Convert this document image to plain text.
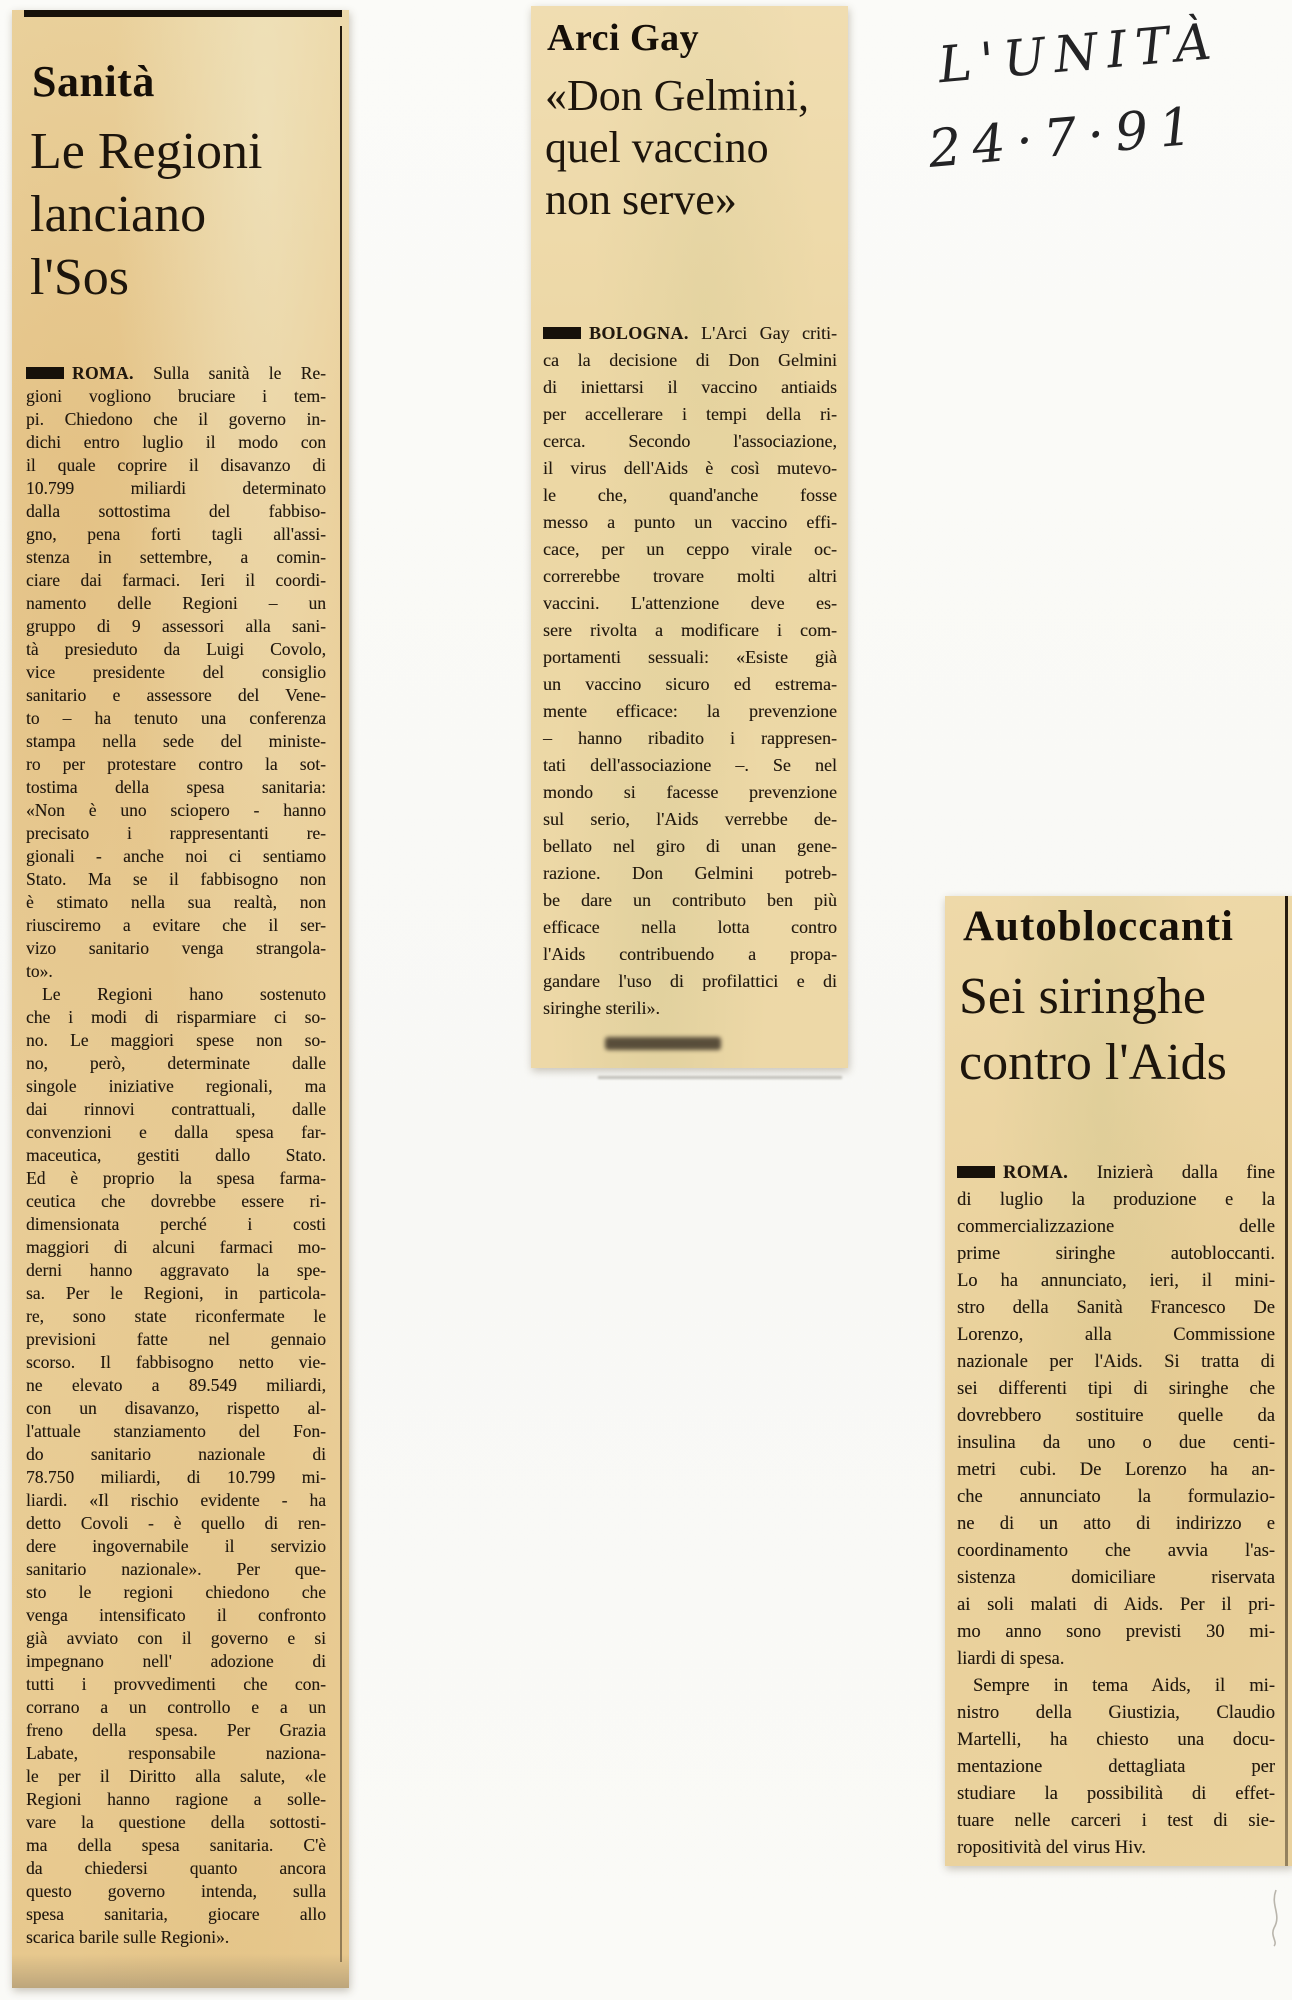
Sanità
Le Regioni
lanciano
l'Sos
ROMA. Sulla sanità le Re-
gioni vogliono bruciare i tem-
pi. Chiedono che il governo in-
dichi entro luglio il modo con
il quale coprire il disavanzo di
10.799 miliardi determinato
dalla sottostima del fabbiso-
gno, pena forti tagli all'assi-
stenza in settembre, a comin-
ciare dai farmaci. Ieri il coordi-
namento delle Regioni – un
gruppo di 9 assessori alla sani-
tà presieduto da Luigi Covolo,
vice presidente del consiglio
sanitario e assessore del Vene-
to – ha tenuto una conferenza
stampa nella sede del ministe-
ro per protestare contro la sot-
tostima della spesa sanitaria:
«Non è uno sciopero - hanno
precisato i rappresentanti re-
gionali - anche noi ci sentiamo
Stato. Ma se il fabbisogno non
è stimato nella sua realtà, non
riusciremo a evitare che il ser-
vizo sanitario venga strangola-
to».
Le Regioni hano sostenuto
che i modi di risparmiare ci so-
no. Le maggiori spese non so-
no, però, determinate dalle
singole iniziative regionali, ma
dai rinnovi contrattuali, dalle
convenzioni e dalla spesa far-
maceutica, gestiti dallo Stato.
Ed è proprio la spesa farma-
ceutica che dovrebbe essere ri-
dimensionata perché i costi
maggiori di alcuni farmaci mo-
derni hanno aggravato la spe-
sa. Per le Regioni, in particola-
re, sono state riconfermate le
previsioni fatte nel gennaio
scorso. Il fabbisogno netto vie-
ne elevato a 89.549 miliardi,
con un disavanzo, rispetto al-
l'attuale stanziamento del Fon-
do sanitario nazionale di
78.750 miliardi, di 10.799 mi-
liardi. «Il rischio evidente - ha
detto Covoli - è quello di ren-
dere ingovernabile il servizio
sanitario nazionale». Per que-
sto le regioni chiedono che
venga intensificato il confronto
già avviato con il governo e si
impegnano nell' adozione di
tutti i provvedimenti che con-
corrano a un controllo e a un
freno della spesa. Per Grazia
Labate, responsabile naziona-
le per il Diritto alla salute, «le
Regioni hanno ragione a solle-
vare la questione della sottosti-
ma della spesa sanitaria. C'è
da chiedersi quanto ancora
questo governo intenda, sulla
spesa sanitaria, giocare allo
scarica barile sulle Regioni».
Arci Gay
«Don Gelmini,
quel vaccino
non serve»
BOLOGNA. L'Arci Gay criti-
ca la decisione di Don Gelmini
di iniettarsi il vaccino antiaids
per accellerare i tempi della ri-
cerca. Secondo l'associazione,
il virus dell'Aids è così mutevo-
le che, quand'anche fosse
messo a punto un vaccino effi-
cace, per un ceppo virale oc-
correrebbe trovare molti altri
vaccini. L'attenzione deve es-
sere rivolta a modificare i com-
portamenti sessuali: «Esiste già
un vaccino sicuro ed estrema-
mente efficace: la prevenzione
– hanno ribadito i rappresen-
tati dell'associazione –. Se nel
mondo si facesse prevenzione
sul serio, l'Aids verrebbe de-
bellato nel giro di unan gene-
razione. Don Gelmini potreb-
be dare un contributo ben più
efficace nella lotta contro
l'Aids contribuendo a propa-
gandare l'uso di profilattici e di
siringhe sterili».
L'UNITÀ
24·7·91
Autobloccanti
Sei siringhe
contro l'Aids
ROMA. Inizierà dalla fine
di luglio la produzione e la
commercializzazione delle
prime siringhe autobloccanti.
Lo ha annunciato, ieri, il mini-
stro della Sanità Francesco De
Lorenzo, alla Commissione
nazionale per l'Aids. Si tratta di
sei differenti tipi di siringhe che
dovrebbero sostituire quelle da
insulina da uno o due centi-
metri cubi. De Lorenzo ha an-
che annunciato la formulazio-
ne di un atto di indirizzo e
coordinamento che avvia l'as-
sistenza domiciliare riservata
ai soli malati di Aids. Per il pri-
mo anno sono previsti 30 mi-
liardi di spesa.
Sempre in tema Aids, il mi-
nistro della Giustizia, Claudio
Martelli, ha chiesto una docu-
mentazione dettagliata per
studiare la possibilità di effet-
tuare nelle carceri i test di sie-
ropositività del virus Hiv.
